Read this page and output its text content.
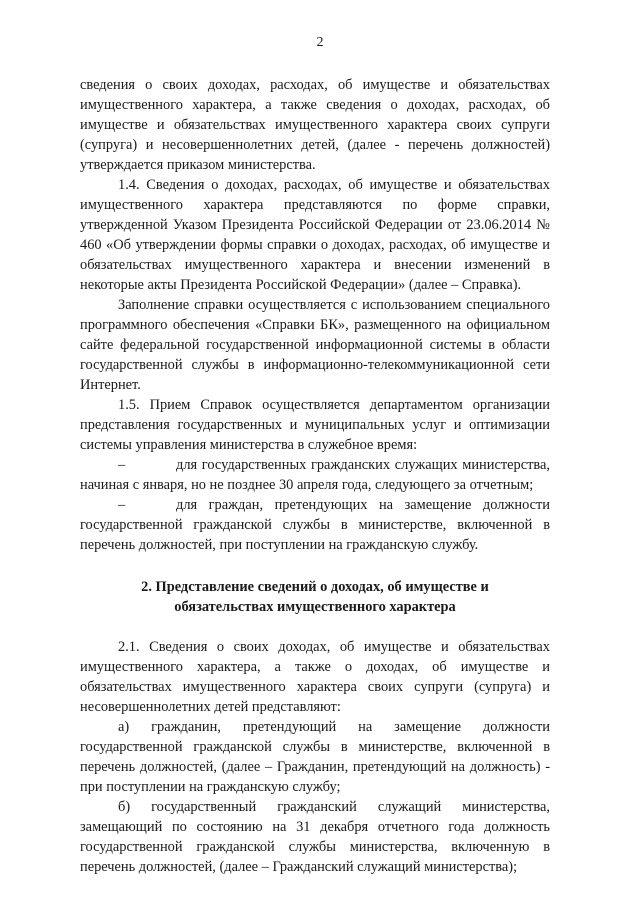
2

сведения о своих доходах, расходах, об имуществе и обязательствах имущественного характера, а также сведения о доходах, расходах, об имуществе и обязательствах имущественного характера своих супруги (супруга) и несовершеннолетних детей, (далее - перечень должностей) утверждается приказом министерства.

1.4. Сведения о доходах, расходах, об имуществе и обязательствах имущественного характера представляются по форме справки, утвержденной Указом Президента Российской Федерации от 23.06.2014 № 460 «Об утверждении формы справки о доходах, расходах, об имуществе и обязательствах имущественного характера и внесении изменений в некоторые акты Президента Российской Федерации» (далее – Справка).

Заполнение справки осуществляется с использованием специального программного обеспечения «Справки БК», размещенного на официальном сайте федеральной государственной информационной системы в области государственной службы в информационно-телекоммуникационной сети Интернет.

1.5. Прием Справок осуществляется департаментом организации представления государственных и муниципальных услуг и оптимизации системы управления министерства в служебное время:

–	для государственных гражданских служащих министерства, начиная с января, но не позднее 30 апреля года, следующего за отчетным;

–	для граждан, претендующих на замещение должности государственной гражданской службы в министерстве, включенной в перечень должностей, при поступлении на гражданскую службу.

2. Представление сведений о доходах, об имуществе и
обязательствах имущественного характера

2.1. Сведения о своих доходах, об имуществе и обязательствах имущественного характера, а также о доходах, об имуществе и обязательствах имущественного характера своих супруги (супруга) и несовершеннолетних детей представляют:

а) гражданин, претендующий на замещение должности государственной гражданской службы в министерстве, включенной в перечень должностей, (далее – Гражданин, претендующий на должность) - при поступлении на гражданскую службу;

б) государственный гражданский служащий министерства, замещающий по состоянию на 31 декабря отчетного года должность государственной гражданской службы министерства, включенную в перечень должностей, (далее – Гражданский служащий министерства);
